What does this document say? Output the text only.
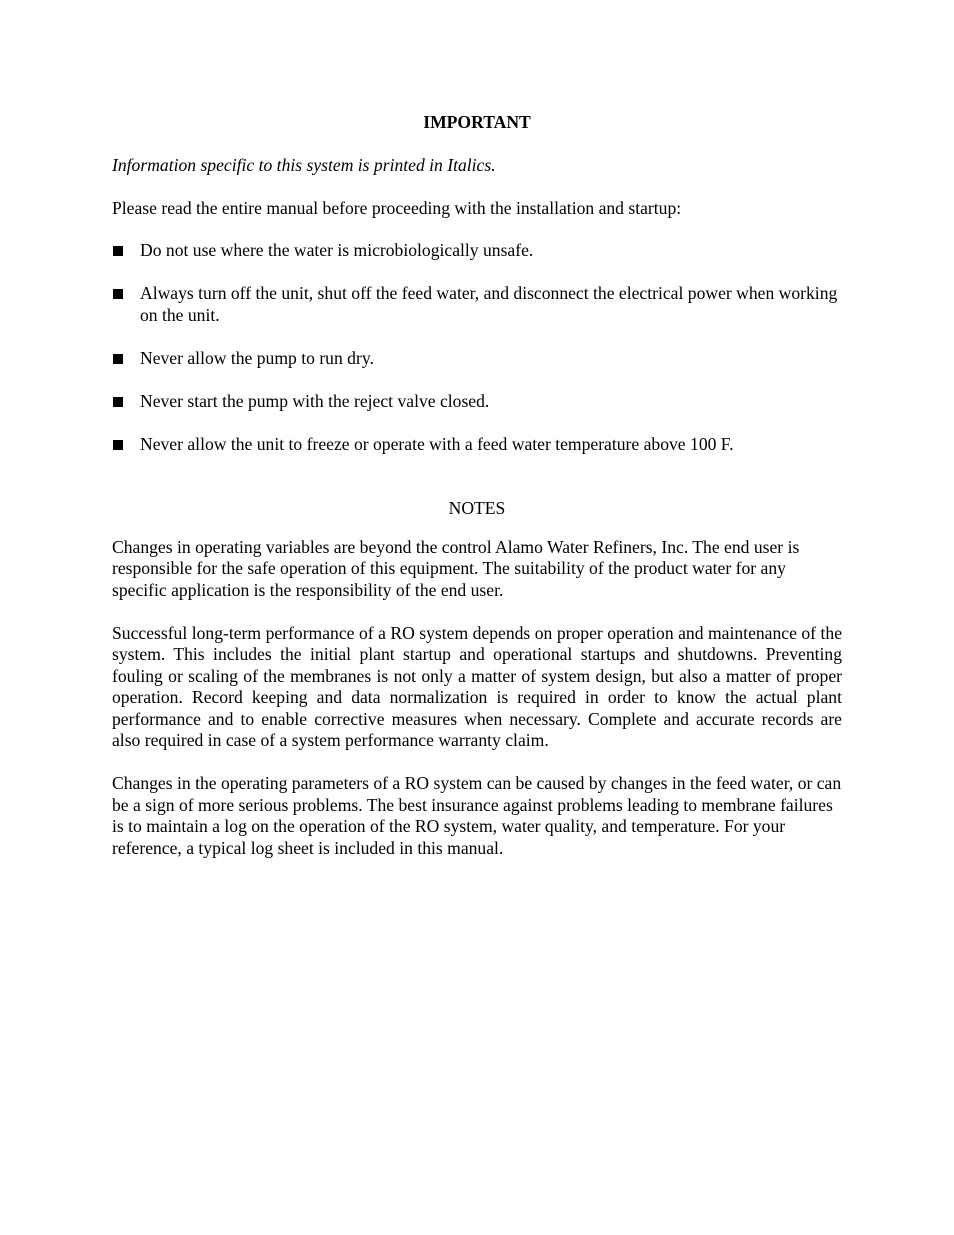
IMPORTANT

Information specific to this system is printed in Italics.

Please read the entire manual before proceeding with the installation and startup:

Do not use where the water is microbiologically unsafe.
Always turn off the unit, shut off the feed water, and disconnect the electrical power when working on the unit.
Never allow the pump to run dry.
Never start the pump with the reject valve closed.
Never allow the unit to freeze or operate with a feed water temperature above 100 F.
NOTES

Changes in operating variables are beyond the control Alamo Water Refiners, Inc. The end user is responsible for the safe operation of this equipment. The suitability of the product water for any specific application is the responsibility of the end user.

Successful long-term performance of a RO system depends on proper operation and maintenance of the system. This includes the initial plant startup and operational startups and shutdowns. Preventing fouling or scaling of the membranes is not only a matter of system design, but also a matter of proper operation. Record keeping and data normalization is required in order to know the actual plant performance and to enable corrective measures when necessary. Complete and accurate records are also required in case of a system performance warranty claim.

Changes in the operating parameters of a RO system can be caused by changes in the feed water, or can be a sign of more serious problems. The best insurance against problems leading to membrane failures is to maintain a log on the operation of the RO system, water quality, and temperature. For your reference, a typical log sheet is included in this manual.
